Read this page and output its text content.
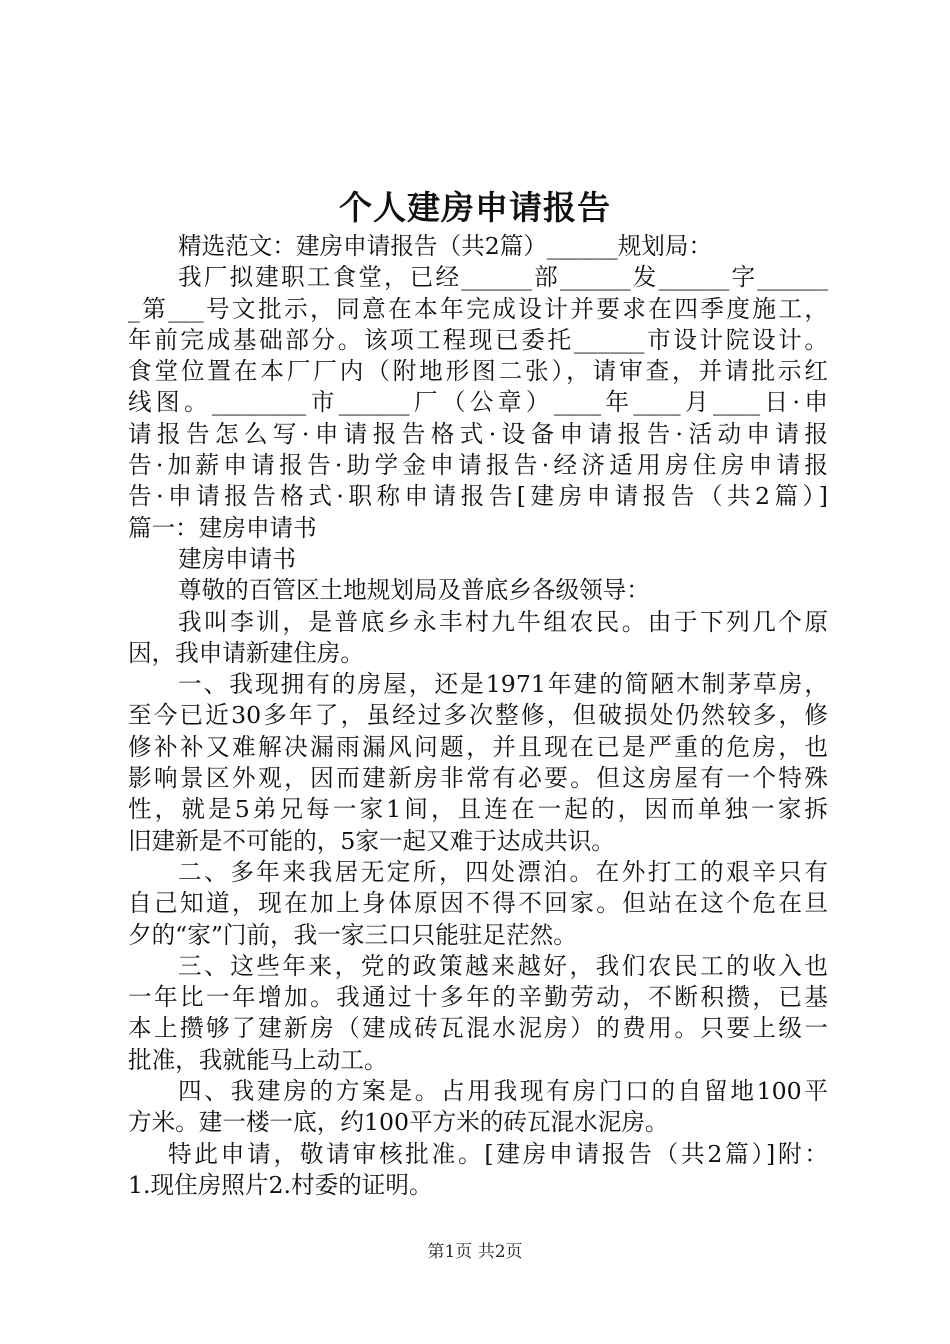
个人建房申请报告
精选范文：建房申请报告（共2篇）______规划局：
我厂拟建职工食堂，已经______部______发______字______
_第___号文批示，同意在本年完成设计并要求在四季度施工，
年前完成基础部分。该项工程现已委托______市设计院设计。
食堂位置在本厂厂内（附地形图二张），请审查，并请批示红
线图。________市______厂（公章）____年____月____日·申
请报告怎么写·申请报告格式·设备申请报告·活动申请报
告·加薪申请报告·助学金申请报告·经济适用房住房申请报
告·申请报告格式·职称申请报告[建房申请报告（共2篇）]
篇一：建房申请书
建房申请书
尊敬的百管区土地规划局及普底乡各级领导：
我叫李训，是普底乡永丰村九牛组农民。由于下列几个原
因，我申请新建住房。
一、我现拥有的房屋，还是1971年建的简陋木制茅草房，
至今已近30多年了，虽经过多次整修，但破损处仍然较多，修
修补补又难解决漏雨漏风问题，并且现在已是严重的危房，也
影响景区外观，因而建新房非常有必要。但这房屋有一个特殊
性，就是5弟兄每一家1间，且连在一起的，因而单独一家拆
旧建新是不可能的，5家一起又难于达成共识。
二、多年来我居无定所，四处漂泊。在外打工的艰辛只有
自己知道，现在加上身体原因不得不回家。但站在这个危在旦
夕的“家”门前，我一家三口只能驻足茫然。
三、这些年来，党的政策越来越好，我们农民工的收入也
一年比一年增加。我通过十多年的辛勤劳动，不断积攒，已基
本上攒够了建新房（建成砖瓦混水泥房）的费用。只要上级一
批准，我就能马上动工。
四、我建房的方案是。占用我现有房门口的自留地100平
方米。建一楼一底，约100平方米的砖瓦混水泥房。
特此申请，敬请审核批准。[建房申请报告（共2篇）]附：
1.现住房照片2.村委的证明。
第1页 共2页
